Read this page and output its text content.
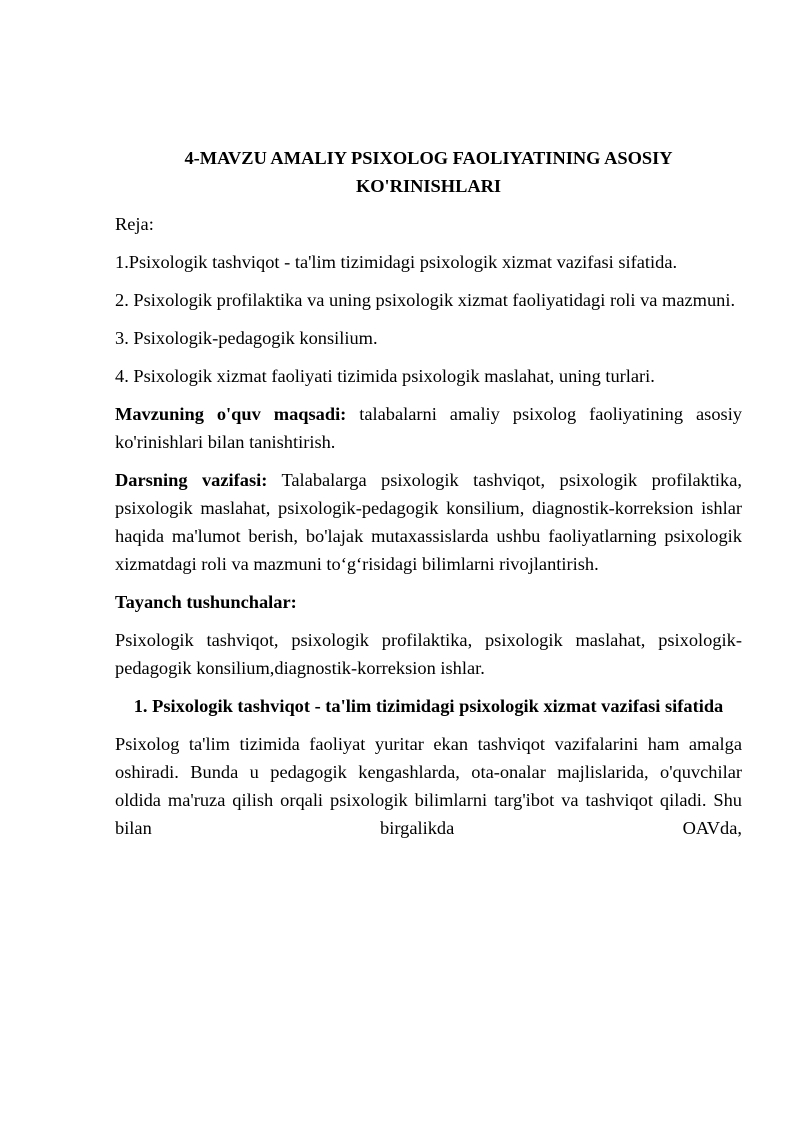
4-MAVZU AMALIY PSIXOLOG FAOLIYATINING ASOSIY KO'RINISHLARI

Reja:

1.Psixologik tashviqot - ta'lim tizimidagi psixologik xizmat vazifasi sifatida.

2. Psixologik profilaktika va uning psixologik xizmat faoliyatidagi roli va mazmuni.

3. Psixologik-pedagogik konsilium.

4. Psixologik xizmat faoliyati tizimida psixologik maslahat, uning turlari.

Mavzuning o'quv maqsadi: talabalarni amaliy psixolog faoliyatining asosiy ko'rinishlari bilan tanishtirish.

Darsning vazifasi: Talabalarga psixologik tashviqot, psixologik profilaktika, psixologik maslahat, psixologik-pedagogik konsilium, diagnostik-korreksion ishlar haqida ma'lumot berish, bo'lajak mutaxassislarda ushbu faoliyatlarning psixologik xizmatdagi roli va mazmuni to‘g‘risidagi bilimlarni rivojlantirish.

Tayanch tushunchalar:

Psixologik tashviqot, psixologik profilaktika, psixologik maslahat, psixologik-pedagogik konsilium,diagnostik-korreksion ishlar.

1. Psixologik tashviqot - ta'lim tizimidagi psixologik xizmat vazifasi sifatida

Psixolog ta'lim tizimida faoliyat yuritar ekan tashviqot vazifalarini ham amalga oshiradi. Bunda u pedagogik kengashlarda, ota-onalar majlislarida, o'quvchilar oldida ma'ruza qilish orqali psixologik bilimlarni targ'ibot va tashviqot qiladi. Shu bilan birgalikda OAVda,
